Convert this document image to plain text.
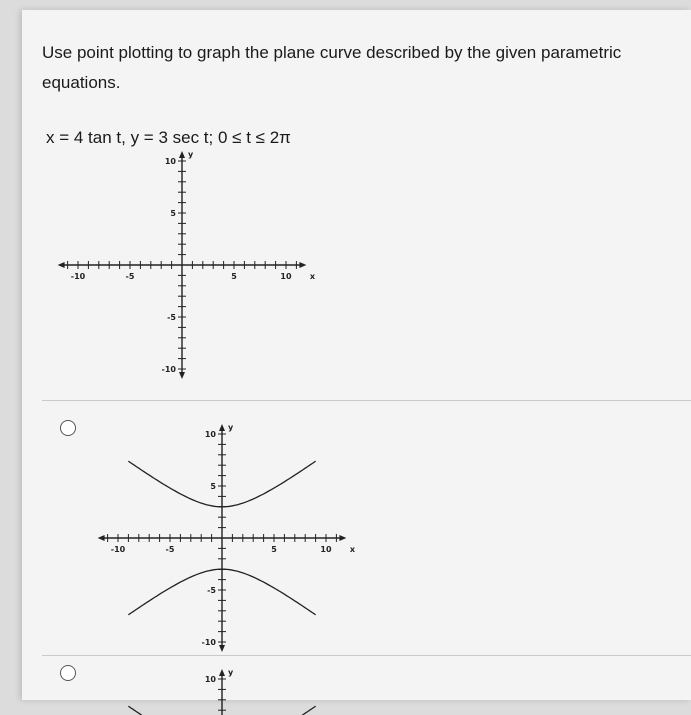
Use point plotting to graph the plane curve described by the given parametric equations.
x = 4 tan t, y = 3 sec t; 0 ≤ t ≤ 2π
-10	-5	5	10 x
10
5
-5
-10
y
-10	-5	5	10 x
10
5
-5
-10
y
10
y
